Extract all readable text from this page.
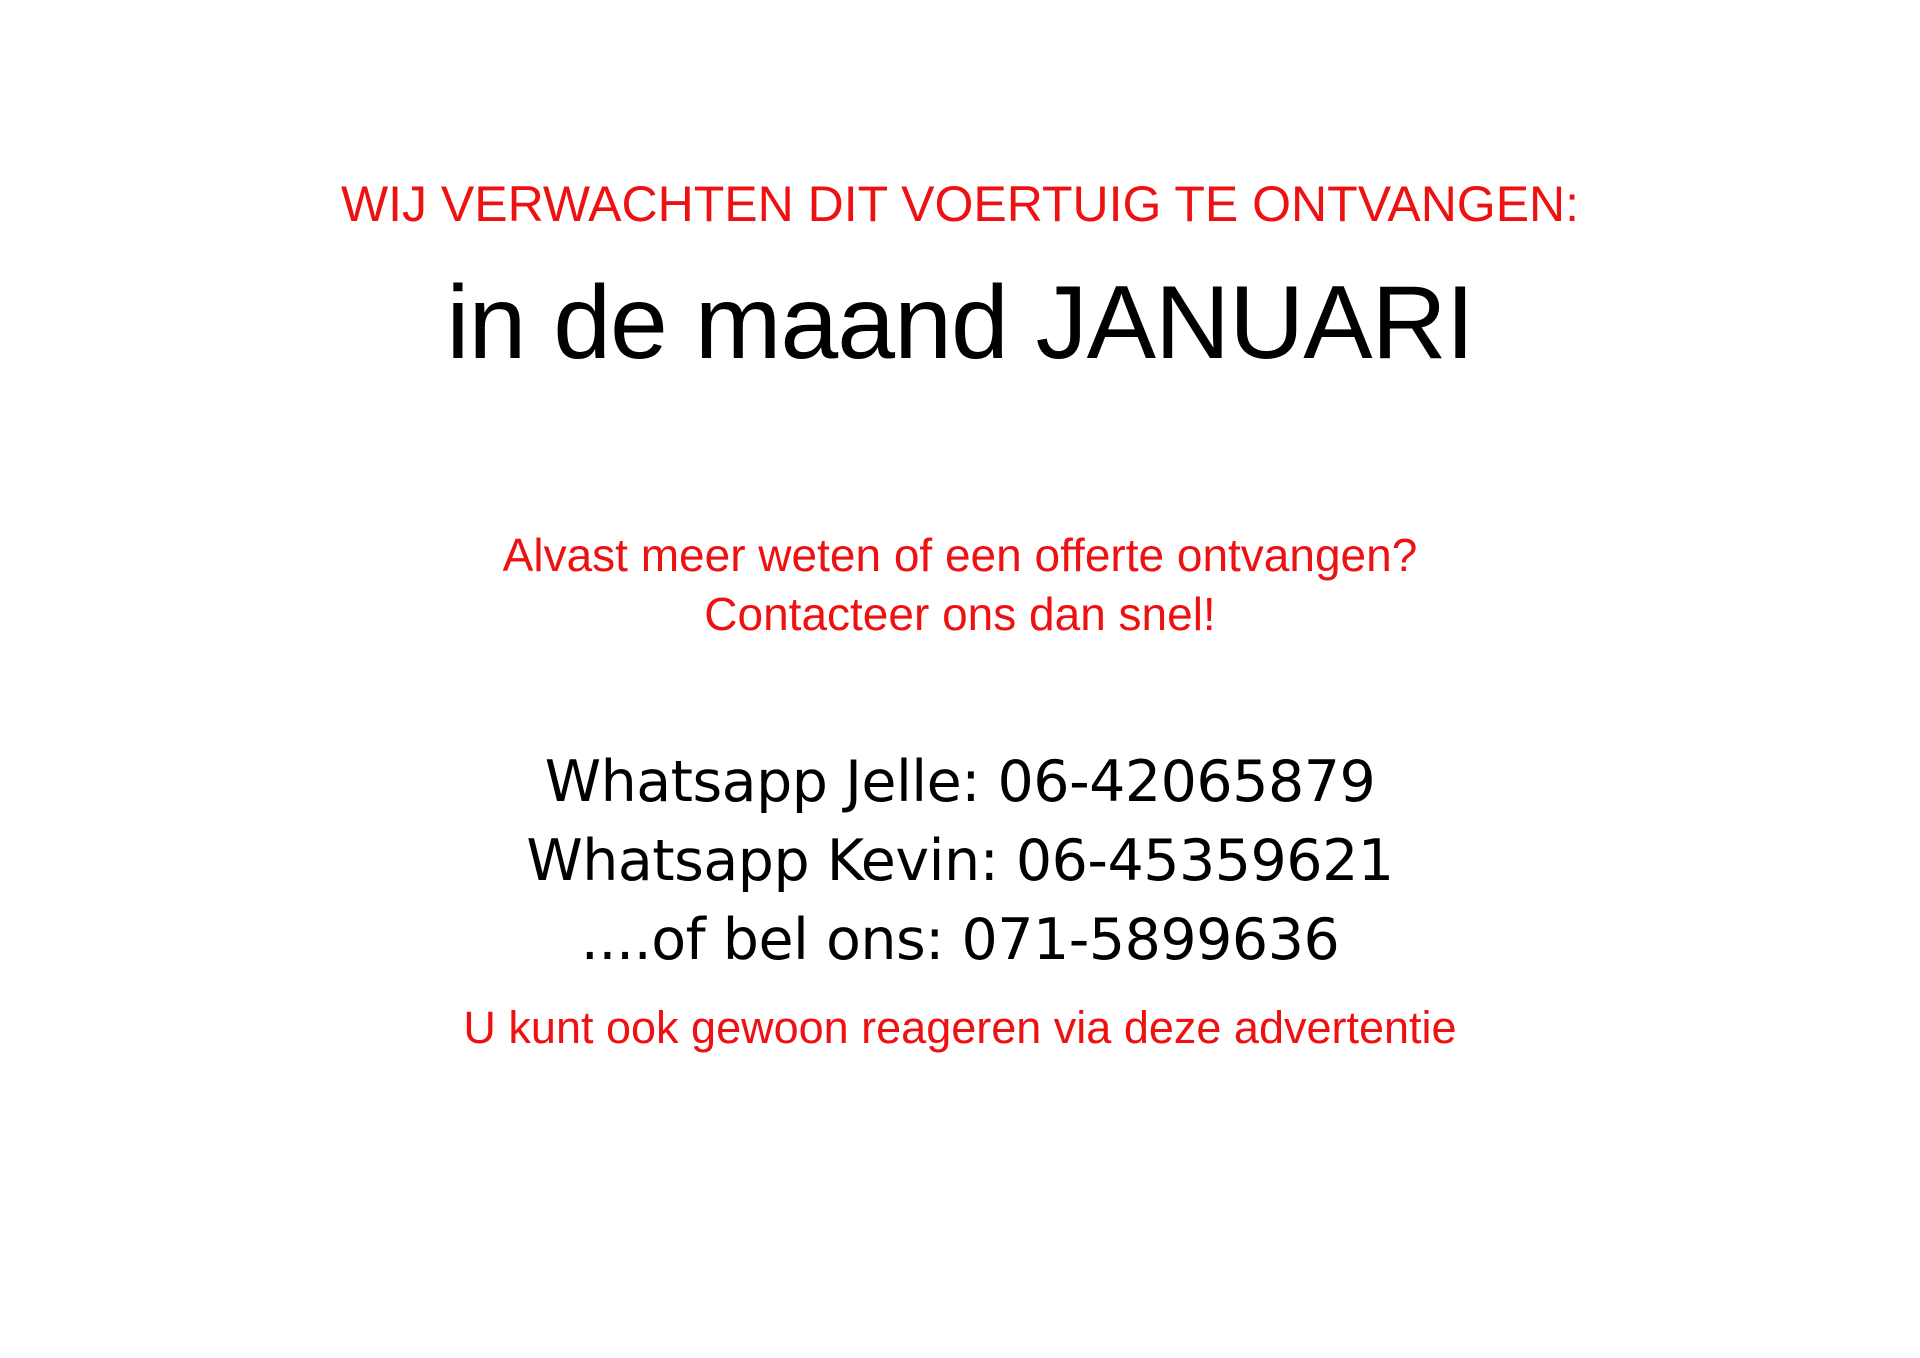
WIJ VERWACHTEN DIT VOERTUIG TE ONTVANGEN:
in de maand JANUARI
Alvast meer weten of een offerte ontvangen?
Contacteer ons dan snel!
Whatsapp Jelle: 06-42065879
Whatsapp Kevin: 06-45359621
....of bel ons: 071-5899636
U kunt ook gewoon reageren via deze advertentie
